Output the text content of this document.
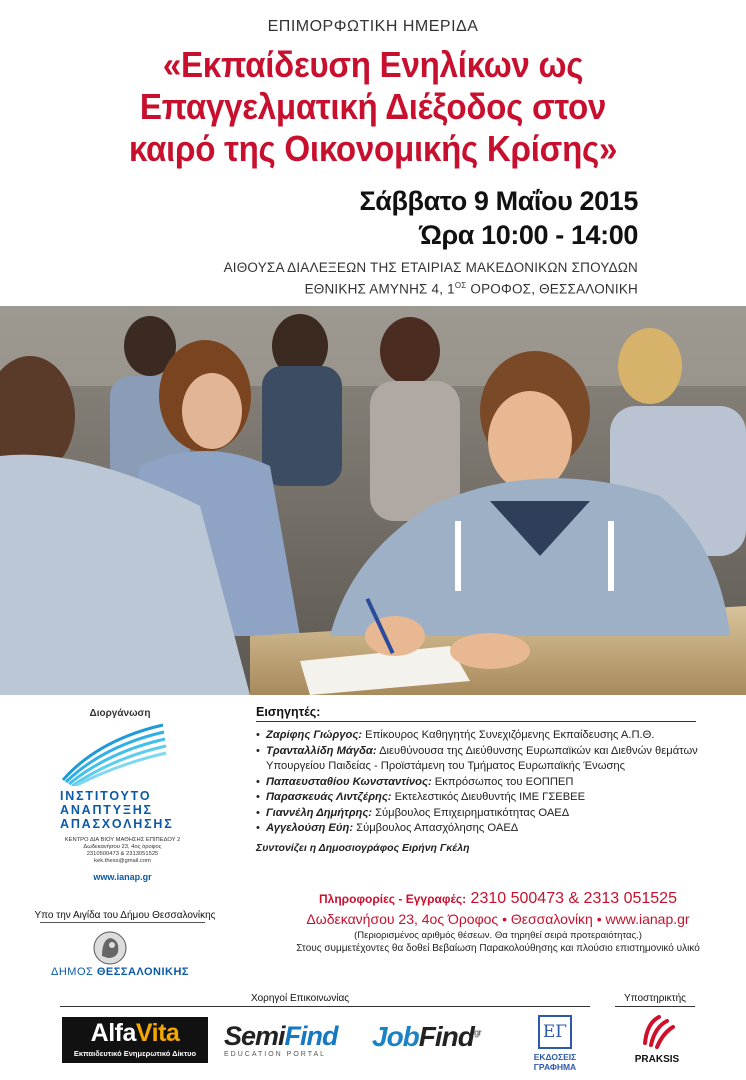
ΕΠΙΜΟΡΦΩΤΙΚΗ ΗΜΕΡΙΔΑ
«Εκπαίδευση Ενηλίκων ως
Επαγγελματική Διέξοδος στον
καιρό της Οικονομικής Κρίσης»
Σάββατο 9 Μαΐου 2015
Ώρα 10:00 - 14:00
ΑΙΘΟΥΣΑ ΔΙΑΛΕΞΕΩΝ ΤΗΣ ΕΤΑΙΡΙΑΣ ΜΑΚΕΔΟΝΙΚΩΝ ΣΠΟΥΔΩΝ
ΕΘΝΙΚΗΣ ΑΜΥΝΗΣ 4, $1^{O\Sigma}$ ΟΡΟΦΟΣ, ΘΕΣΣΑΛΟΝΙΚΗ
Διοργάνωση
ΙΝΣΤΙΤΟΥΤΟ
ΑΝΑΠΤΥΞΗΣ
ΑΠΑΣΧΟΛΗΣΗΣ
ΚΕΝΤΡΟ ΔΙΑ ΒΙΟΥ ΜΑΘΗΣΗΣ ΕΠΙΠΕΔΟΥ 2
Δωδεκανήσου 23, 4ος όροφος
2310500473 & 2313051525
kek.thess@gmail.com
www.ianap.gr
Υπο την Αιγίδα του Δήμου Θεσσαλονίκης
ΔΗΜΟΣ ΘΕΣΣΑΛΟΝΙΚΗΣ
Εισηγητές:
• Ζαρίφης Γιώργος: Επίκουρος Καθηγητής Συνεχιζόμενης Εκπαίδευσης Α.Π.Θ.
• Τρανταλλίδη Μάγδα: Διευθύνουσα της Διεύθυνσης Ευρωπαϊκών και Διεθνών θεμάτων Υπουργείου Παιδείας - Προϊστάμενη του Τμήματος Ευρωπαϊκής Ένωσης
• Παπαευσταθίου Κωνσταντίνος: Εκπρόσωπος του ΕΟΠΠΕΠ
• Παρασκευάς Λιντζέρης: Εκτελεστικός Διευθυντής ΙΜΕ ΓΣΕΒΕΕ
• Γιαννέλη Δημήτρης: Σύμβουλος Επιχειρηματικότητας ΟΑΕΔ
• Αγγελούση Εύη: Σύμβουλος Απασχόλησης ΟΑΕΔ
Συντονίζει η Δημοσιογράφος Ειρήνη Γκέλη
Πληροφορίες - Εγγραφές: 2310 500473 & 2313 051525
Δωδεκανήσου 23, 4ος Όροφος • Θεσσαλονίκη • www.ianap.gr
(Περιορισμένος αριθμός θέσεων. Θα τηρηθεί σειρά προτεραιότητας.)
Στους συμμετέχοντες θα δοθεί Βεβαίωση Παρακολούθησης και πλούσιο επιστημονικό υλικό
Χορηγοί Επικοινωνίας	Υποστηρικτής
AlfaVita
Εκπαιδευτικό Ενημερωτικό Δίκτυο
SemiFind
EDUCATION PORTAL
JobFind$^{gr}$	ΕΓ
ΕΚΔΟΣΕΙΣ ΓΡΑΦΗΜΑ
PRAKSIS
